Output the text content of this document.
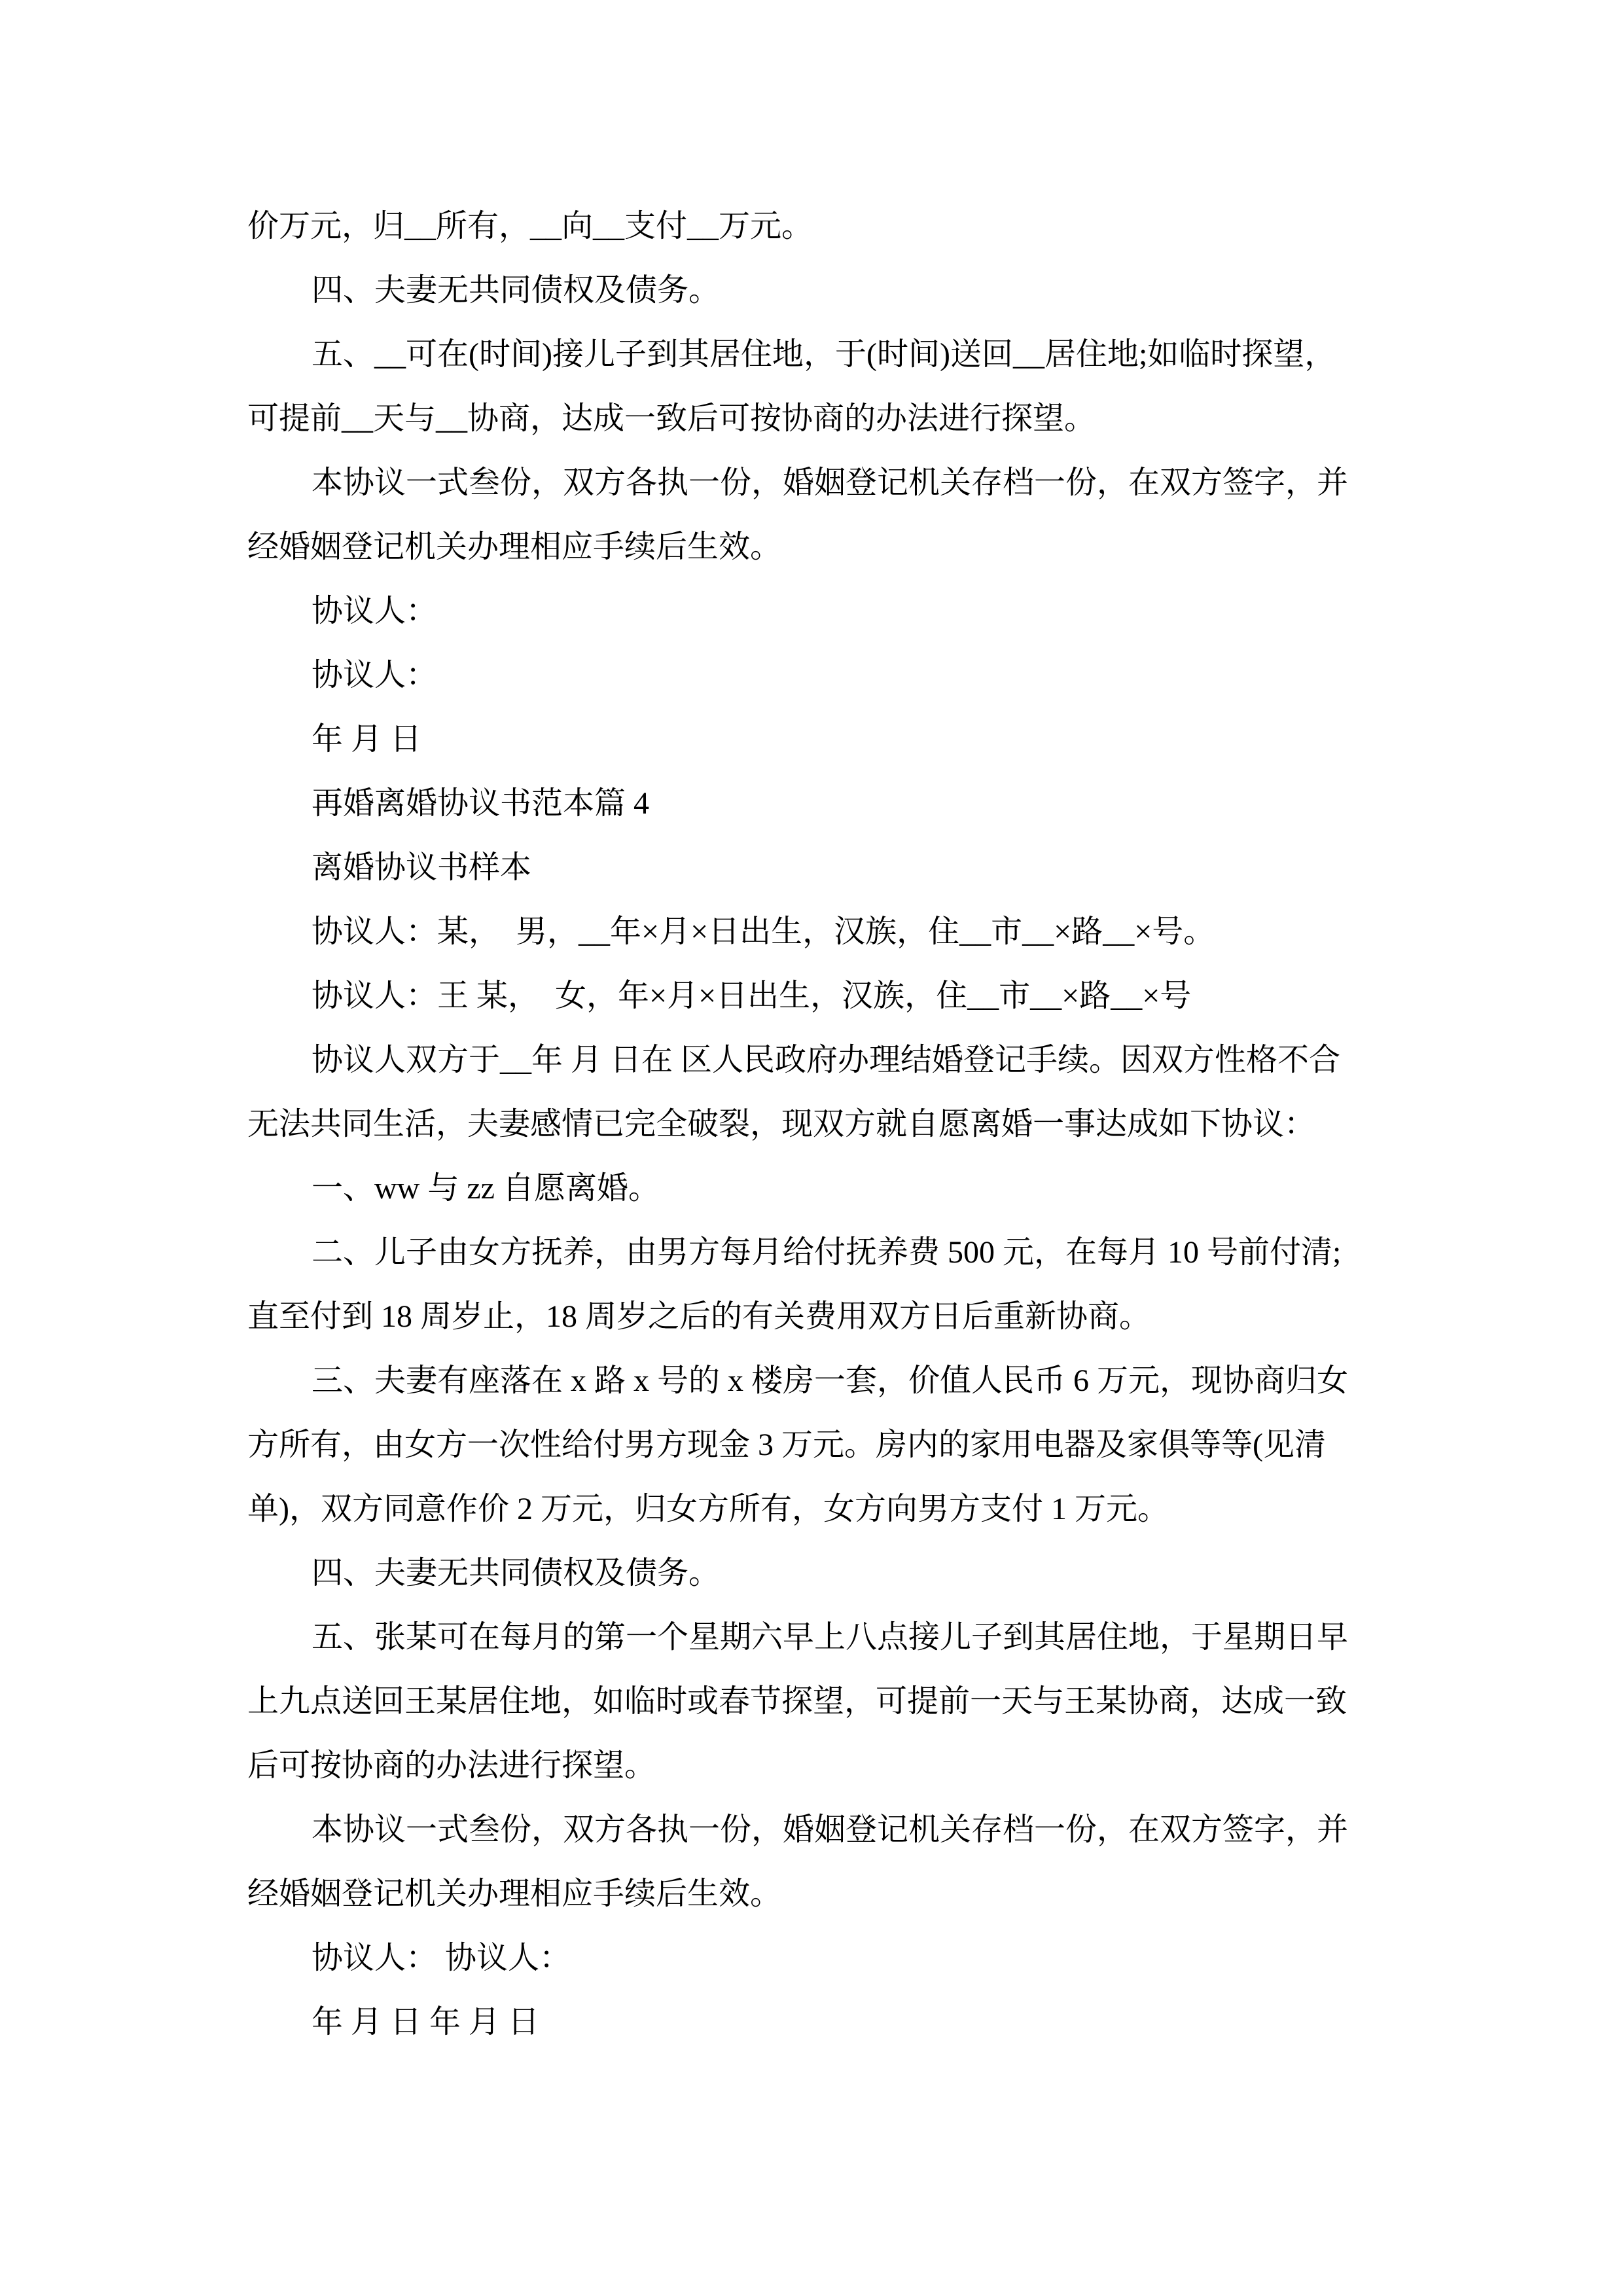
价万元，归__所有，__向__支付__万元。
四、夫妻无共同债权及债务。
五、__可在(时间)接儿子到其居住地，于(时间)送回__居住地;如临时探望，
可提前__天与__协商，达成一致后可按协商的办法进行探望。
本协议一式叁份，双方各执一份，婚姻登记机关存档一份，在双方签字，并
经婚姻登记机关办理相应手续后生效。
协议人：
协议人：
年 月 日
再婚离婚协议书范本篇 4
离婚协议书样本
协议人：某，  男，__年×月×日出生，汉族，住__市__×路__×号。
协议人：王 某，  女，年×月×日出生，汉族，住__市__×路__×号
协议人双方于__年 月 日在 区人民政府办理结婚登记手续。因双方性格不合
无法共同生活，夫妻感情已完全破裂，现双方就自愿离婚一事达成如下协议：
一、ww 与 zz 自愿离婚。
二、儿子由女方抚养，由男方每月给付抚养费 500 元，在每月 10 号前付清;
直至付到 18 周岁止，18 周岁之后的有关费用双方日后重新协商。
三、夫妻有座落在 x 路 x 号的 x 楼房一套，价值人民币 6 万元，现协商归女
方所有，由女方一次性给付男方现金 3 万元。房内的家用电器及家俱等等(见清
单)，双方同意作价 2 万元，归女方所有，女方向男方支付 1 万元。
四、夫妻无共同债权及债务。
五、张某可在每月的第一个星期六早上八点接儿子到其居住地，于星期日早
上九点送回王某居住地，如临时或春节探望，可提前一天与王某协商，达成一致
后可按协商的办法进行探望。
本协议一式叁份，双方各执一份，婚姻登记机关存档一份，在双方签字，并
经婚姻登记机关办理相应手续后生效。
协议人： 协议人：
年 月 日 年 月 日
